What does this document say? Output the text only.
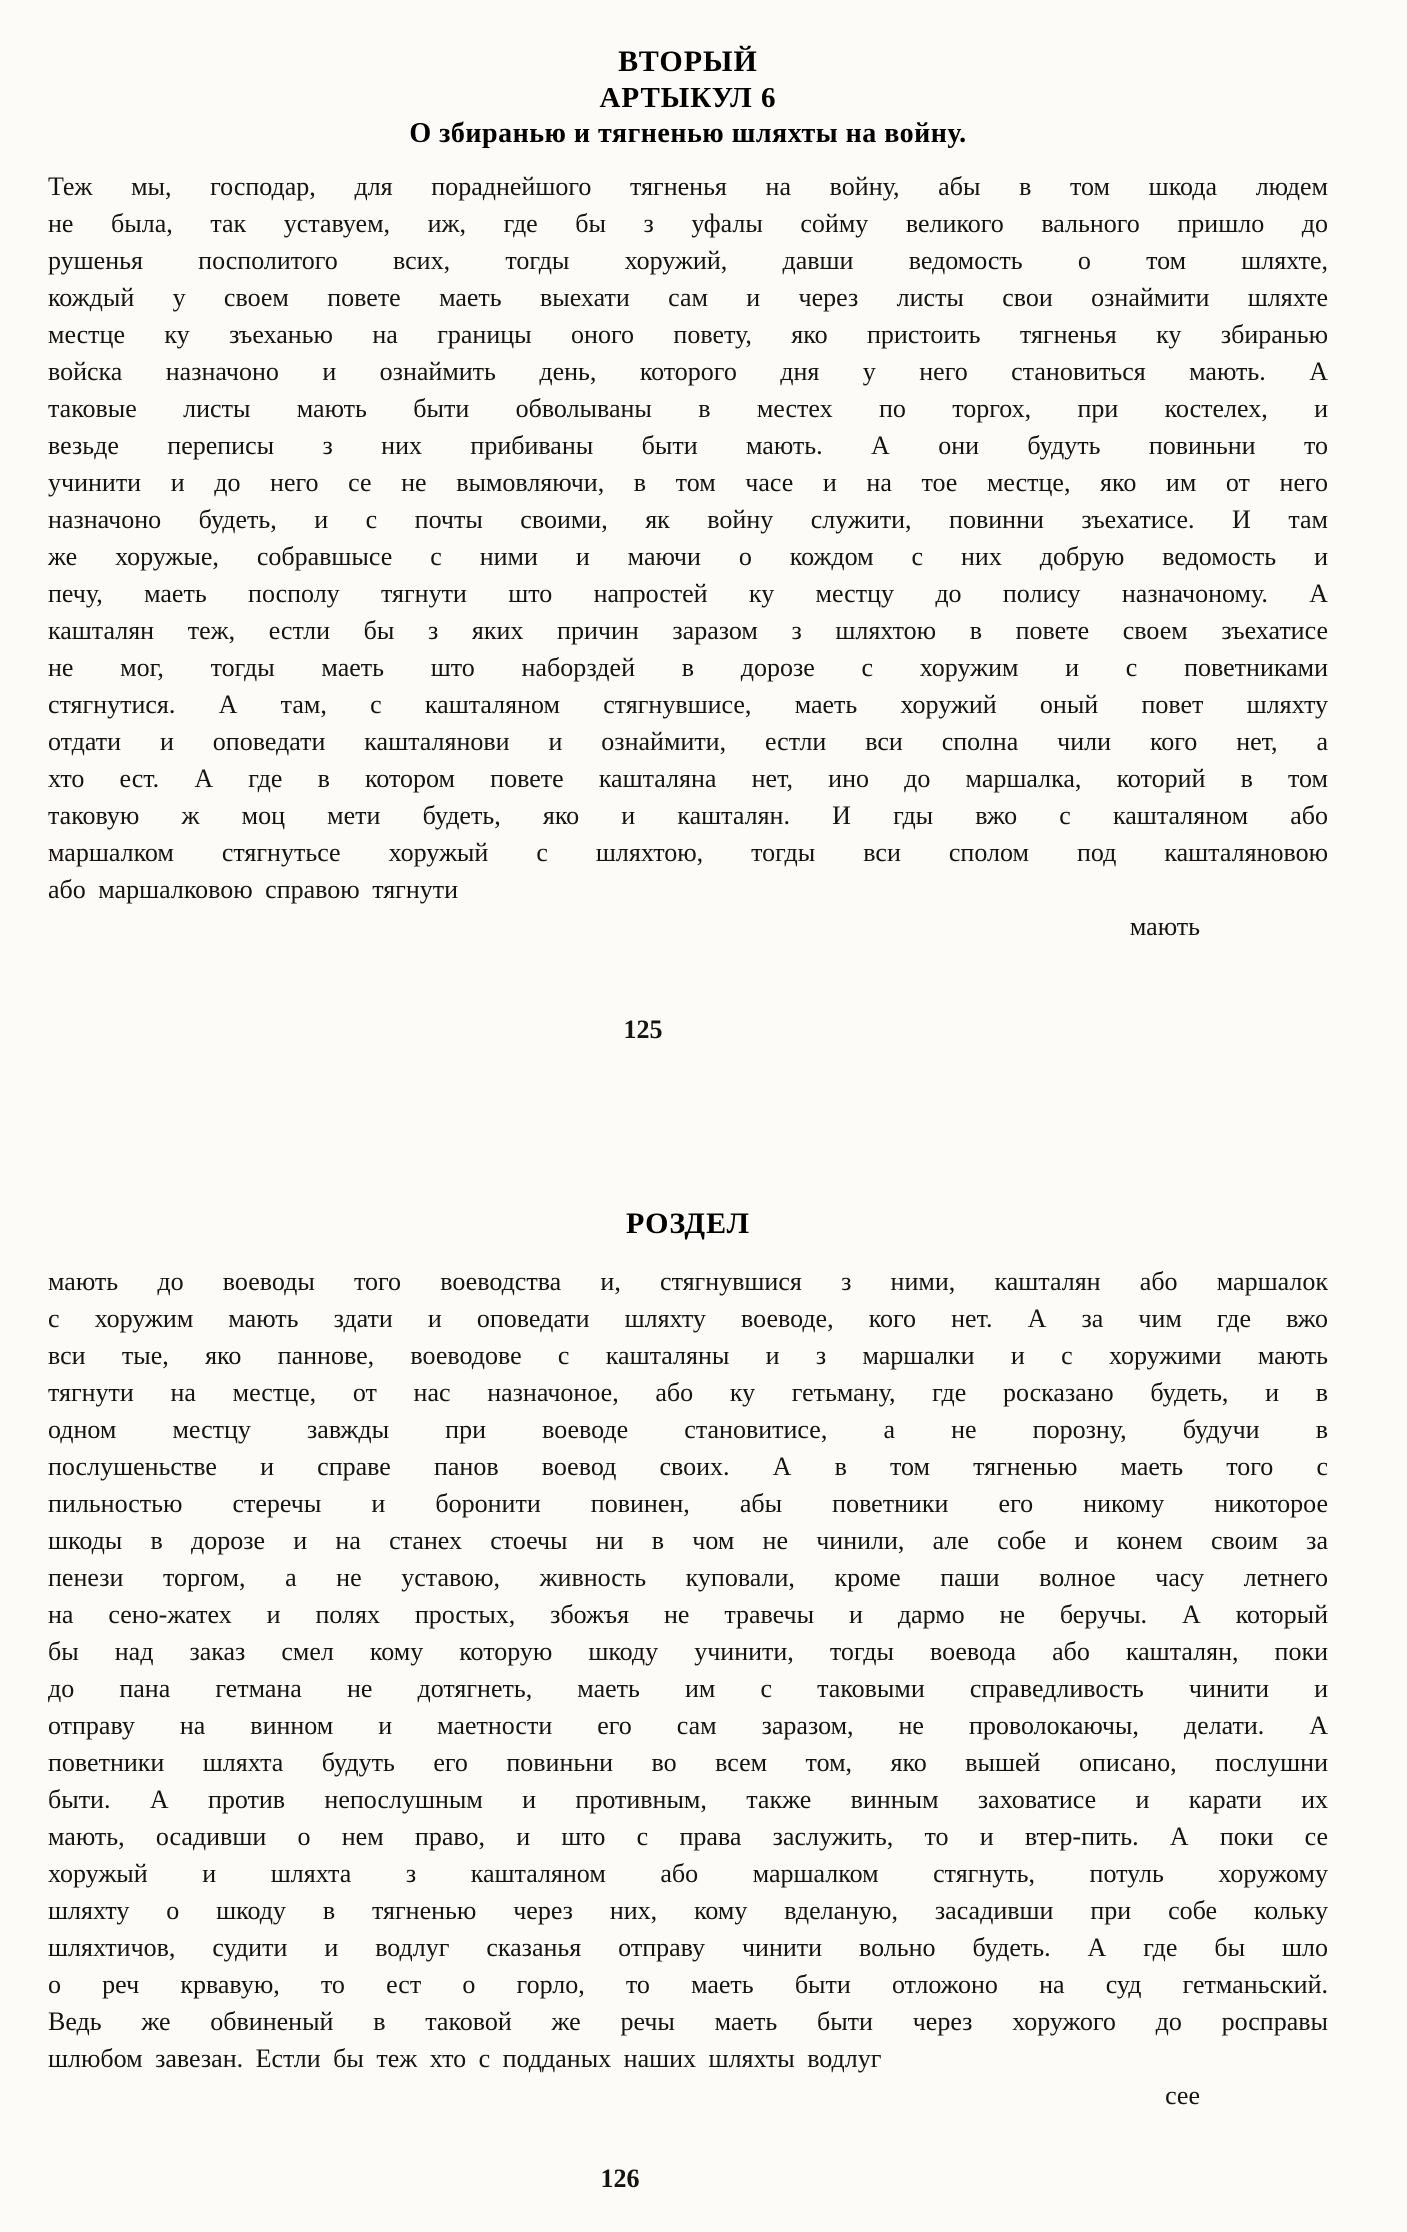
ВТОРЫЙ
АРТЫКУЛ 6
О збиранью и тягненью шляхты на войну.
Теж мы, господар, для пораднейшого тягненья на войну, абы в том шкода людем
не была, так уставуем, иж, где бы з уфалы сойму великого вального пришло до
рушенья посполитого всих, тогды хоружий, давши ведомость о том шляхте,
кождый у своем повете маеть выехати сам и через листы свои ознаймити шляхте
местце ку зъеханью на границы оного повету, яко пристоить тягненья ку збиранью
войска назначоно и ознаймить день, которого дня у него становиться мають. А
таковые листы мають быти обволываны в местех по торгох, при костелех, и
везьде переписы з них прибиваны быти мають. А они будуть повиньни то
учинити и до него се не вымовляючи, в том часе и на тое местце, яко им от него
назначоно будеть, и с почты своими, як войну служити, повинни зъехатисе. И там
же хоружые, собравшысе с ними и маючи о кождом с них добрую ведомость и
печу, маеть посполу тягнути што напростей ку местцу до полису назначоному. А
кашталян теж, естли бы з яких причин заразом з шляхтою в повете своем зъехатисе
не мог, тогды маеть што наборздей в дорозе с хоружим и с поветниками
стягнутися. А там, с кашталяном стягнувшисе, маеть хоружий оный повет шляхту
отдати и оповедати кашталянови и ознаймити, естли вси сполна чили кого нет, а
хто ест. А где в котором повете кашталяна нет, ино до маршалка, которий в том
таковую ж моц мети будеть, яко и кашталян. И гды вжо с кашталяном або
маршалком стягнутьсе хоружый с шляхтою, тогды вси сполом под кашталяновою
або маршалковою справою тягнути
мають
125
РОЗДЕЛ
мають до воеводы того воеводства и, стягнувшися з ними, кашталян або маршалок
с хоружим мають здати и оповедати шляхту воеводе, кого нет. А за чим где вжо
вси тые, яко паннове, воеводове с кашталяны и з маршалки и с хоружими мають
тягнути на местце, от нас назначоное, або ку гетьману, где росказано будеть, и в
одном местцу завжды при воеводе становитисе, а не порозну, будучи в
послушеньстве и справе панов воевод своих. А в том тягненью маеть того с
пильностью стеречы и боронити повинен, абы поветники его никому никоторое
шкоды в дорозе и на станех стоечы ни в чом не чинили, але собе и конем своим за
пенези торгом, а не уставою, живность куповали, кроме паши волное часу летнего
на сено-жатех и полях простых, збожъя не травечы и дармо не беручы. А который
бы над заказ смел кому которую шкоду учинити, тогды воевода або кашталян, поки
до пана гетмана не дотягнеть, маеть им с таковыми справедливость чинити и
отправу на винном и маетности его сам заразом, не проволокаючы, делати. А
поветники шляхта будуть его повиньни во всем том, яко вышей описано, послушни
быти. А против непослушным и противным, также винным заховатисе и карати их
мають, осадивши о нем право, и што с права заслужить, то и втер-пить. А поки се
хоружый и шляхта з кашталяном або маршалком стягнуть, потуль хоружому
шляхту о шкоду в тягненью через них, кому вделаную, засадивши при собе кольку
шляхтичов, судити и водлуг сказанья отправу чинити вольно будеть. А где бы шло
о реч крвавую, то ест о горло, то маеть быти отложоно на суд гетманьский.
Ведь же обвиненый в таковой же речы маеть быти через хоружого до росправы
шлюбом завезан. Естли бы теж хто с подданых наших шляхты водлуг
сее
126
